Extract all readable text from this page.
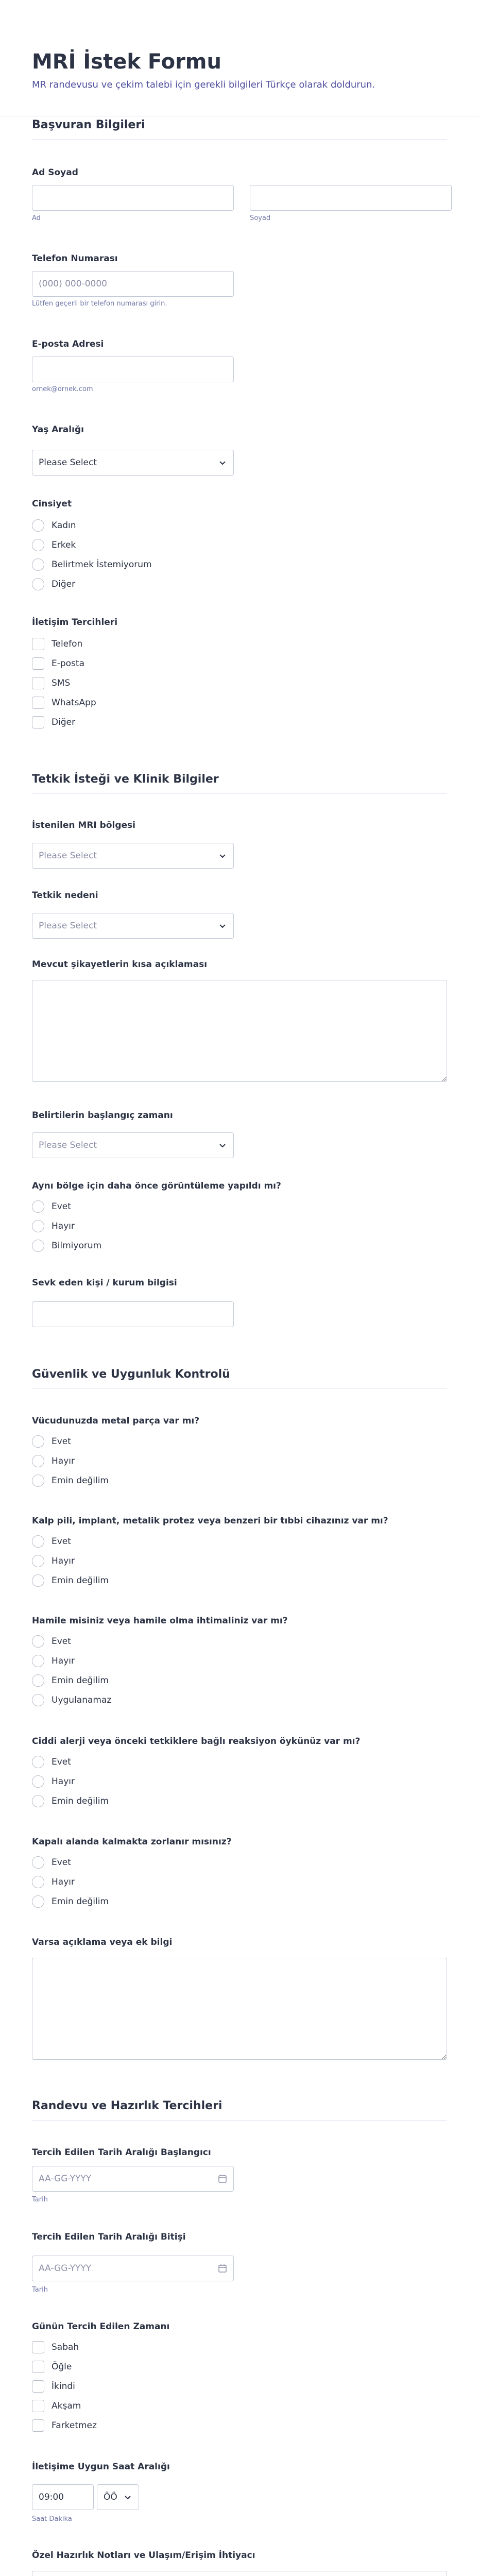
MRİ İstek Formu
MR randevusu ve çekim talebi için gerekli bilgileri Türkçe olarak doldurun.
Başvuran Bilgileri
Ad Soyad
Ad	Soyad
Telefon Numarası
(000) 000-0000
Lütfen geçerli bir telefon numarası girin.
E-posta Adresi
ornek@ornek.com
Yaş Aralığı
Please Select
Cinsiyet
Kadın
Erkek
Belirtmek İstemiyorum
Diğer
İletişim Tercihleri
Telefon
E-posta
SMS
WhatsApp
Diğer
Tetkik İsteği ve Klinik Bilgiler
İstenilen MRI bölgesi
Please Select
Tetkik nedeni
Please Select
Mevcut şikayetlerin kısa açıklaması
Belirtilerin başlangıç zamanı
Please Select
Aynı bölge için daha önce görüntüleme yapıldı mı?
Evet
Hayır
Bilmiyorum
Sevk eden kişi / kurum bilgisi
Güvenlik ve Uygunluk Kontrolü
Vücudunuzda metal parça var mı?
Evet
Hayır
Emin değilim
Kalp pili, implant, metalik protez veya benzeri bir tıbbi cihazınız var mı?
Evet
Hayır
Emin değilim
Hamile misiniz veya hamile olma ihtimaliniz var mı?
Evet
Hayır
Emin değilim
Uygulanamaz
Ciddi alerji veya önceki tetkiklere bağlı reaksiyon öykünüz var mı?
Evet
Hayır
Emin değilim
Kapalı alanda kalmakta zorlanır mısınız?
Evet
Hayır
Emin değilim
Varsa açıklama veya ek bilgi
Randevu ve Hazırlık Tercihleri
Tercih Edilen Tarih Aralığı Başlangıcı
AA-GG-YYYY
Tarih
Tercih Edilen Tarih Aralığı Bitişi
AA-GG-YYYY
Tarih
Günün Tercih Edilen Zamanı
Sabah
Öğle
İkindi
Akşam
Farketmez
İletişime Uygun Saat Aralığı
09:00	ÖÖ
Saat Dakika
Özel Hazırlık Notları ve Ulaşım/Erişim İhtiyacı
